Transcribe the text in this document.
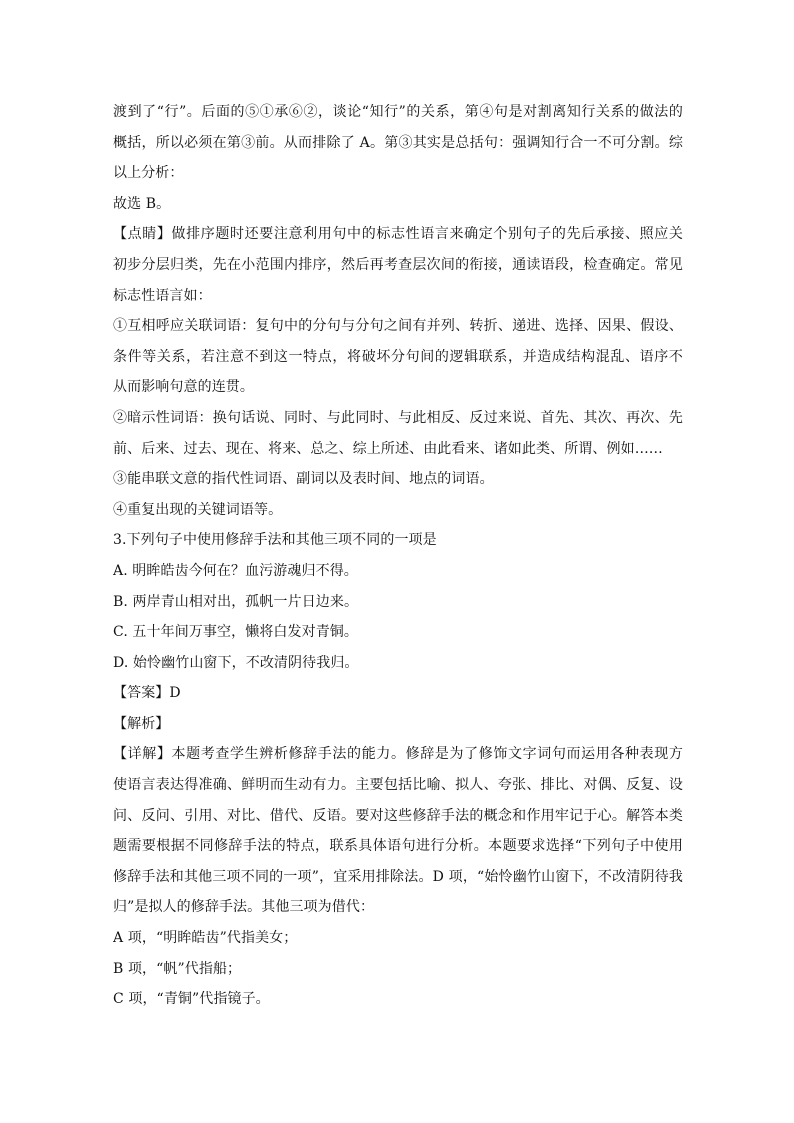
渡到了“行”。后面的⑤①承⑥②，谈论“知行”的关系，第④句是对割离知行关系的做法的
概括，所以必须在第③前。从而排除了 A。第③其实是总括句：强调知行合一不可分割。综
以上分析：
故选 B。
【点睛】做排序题时还要注意利用句中的标志性语言来确定个别句子的先后承接、照应关
初步分层归类，先在小范围内排序，然后再考查层次间的衔接，通读语段，检查确定。常见
标志性语言如：
①互相呼应关联词语：复句中的分句与分句之间有并列、转折、递进、选择、因果、假设、
条件等关系，若注意不到这一特点，将破坏分句间的逻辑联系，并造成结构混乱、语序不
从而影响句意的连贯。
②暗示性词语：换句话说、同时、与此同时、与此相反、反过来说、首先、其次、再次、先
前、后来、过去、现在、将来、总之、综上所述、由此看来、诸如此类、所谓、例如……
③能串联文意的指代性词语、副词以及表时间、地点的词语。
④重复出现的关键词语等。
3.下列句子中使用修辞手法和其他三项不同的一项是
A. 明眸皓齿今何在？血污游魂归不得。
B. 两岸青山相对出，孤帆一片日边来。
C. 五十年间万事空，懒将白发对青铜。
D. 始怜幽竹山窗下，不改清阴待我归。
【答案】D
【解析】
【详解】本题考查学生辨析修辞手法的能力。修辞是为了修饰文字词句而运用各种表现方
使语言表达得准确、鲜明而生动有力。主要包括比喻、拟人、夸张、排比、对偶、反复、设
问、反问、引用、对比、借代、反语。要对这些修辞手法的概念和作用牢记于心。解答本类
题需要根据不同修辞手法的特点，联系具体语句进行分析。本题要求选择“下列句子中使用
修辞手法和其他三项不同的一项”，宜采用排除法。D 项，“始怜幽竹山窗下，不改清阴待我
归”是拟人的修辞手法。其他三项为借代：
A 项，“明眸皓齿”代指美女；
B 项，“帆”代指船；
C 项，“青铜”代指镜子。
